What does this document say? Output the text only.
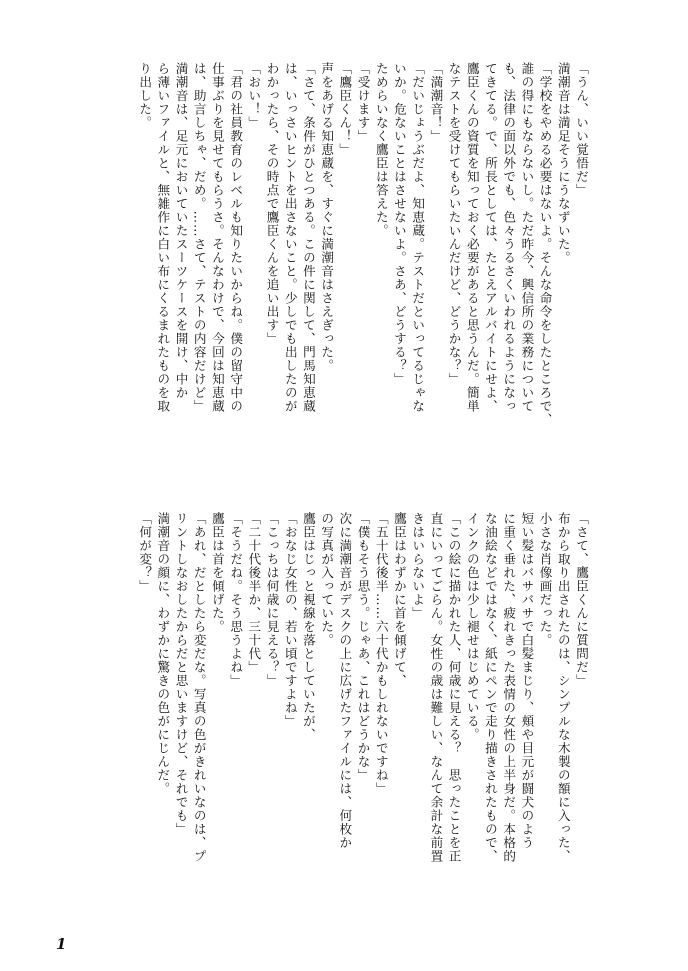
「うん、いい覚悟だ」
満潮音は満足そうにうなずいた。
「学校をやめる必要はないよ。そんな命令をしたところで、
誰の得にもならないし。ただ昨今、興信所の業務について
も、法律の面以外でも、色々うるさくいわれるようになっ
てきてる。で、所長としては、たとえアルバイトにせよ、
鷹臣くんの資質を知っておく必要があると思うんだ。簡単
なテストを受けてもらいたいんだけど、どうかな？」
「満潮音！」
「だいじょうぶだよ、知恵蔵。テストだといってるじゃな
いか。危ないことはさせないよ。さあ、どうする？」
ためらいなく鷹臣は答えた。
「受けます」
「鷹臣くん！」
声をあげる知恵蔵を、すぐに満潮音はさえぎった。
「さて、条件がひとつある。この件に関して、門馬知恵蔵
は、いっさいヒントを出さないこと。少しでも出したのが
わかったら、その時点で鷹臣くんを追い出す」
「おい！」
「君の社員教育のレベルも知りたいからね。僕の留守中の
仕事ぶりを見せてもらうさ。そんなわけで、今回は知恵蔵
は、助言しちゃ、だめ。……さて、テストの内容だけど」
満潮音は、足元においていたスーツケースを開け、中か
ら薄いファイルと、無雑作に白い布にくるまれたものを取
り出した。
「さて、鷹臣くんに質問だ」
布から取り出されたのは、シンプルな木製の額に入った、
小さな肖像画だった。
短い髪はバサバサで白髪まじり、頬や目元が闘犬のよう
に重く垂れた、疲れきった表情の女性の上半身だ。本格的
な油絵などではなく、紙にペンで走り描きされたもので、
インクの色は少し褪せはじめている。
「この絵に描かれた人、何歳に見える？　思ったことを正
直にいってごらん。女性の歳は難しい、なんて余計な前置
きはいらないよ」
鷹臣はわずかに首を傾げて、
「五十代後半……六十代かもしれないですね」
「僕もそう思う。じゃあ、これはどうかな」
次に満潮音がデスクの上に広げたファイルには、何枚か
の写真が入っていた。
鷹臣はじっと視線を落としていたが、
「おなじ女性の、若い頃ですよね」
「こっちは何歳に見える？」
「二十代後半か、三十代」
「そうだね。そう思うよね」
鷹臣は首を傾げた。
「あれ、だとしたら変だな。写真の色がきれいなのは、プ
リントしなおしたからだと思いますけど、それでも」
満潮音の顔に、わずかに驚きの色がにじんだ。
「何が変？」
1
